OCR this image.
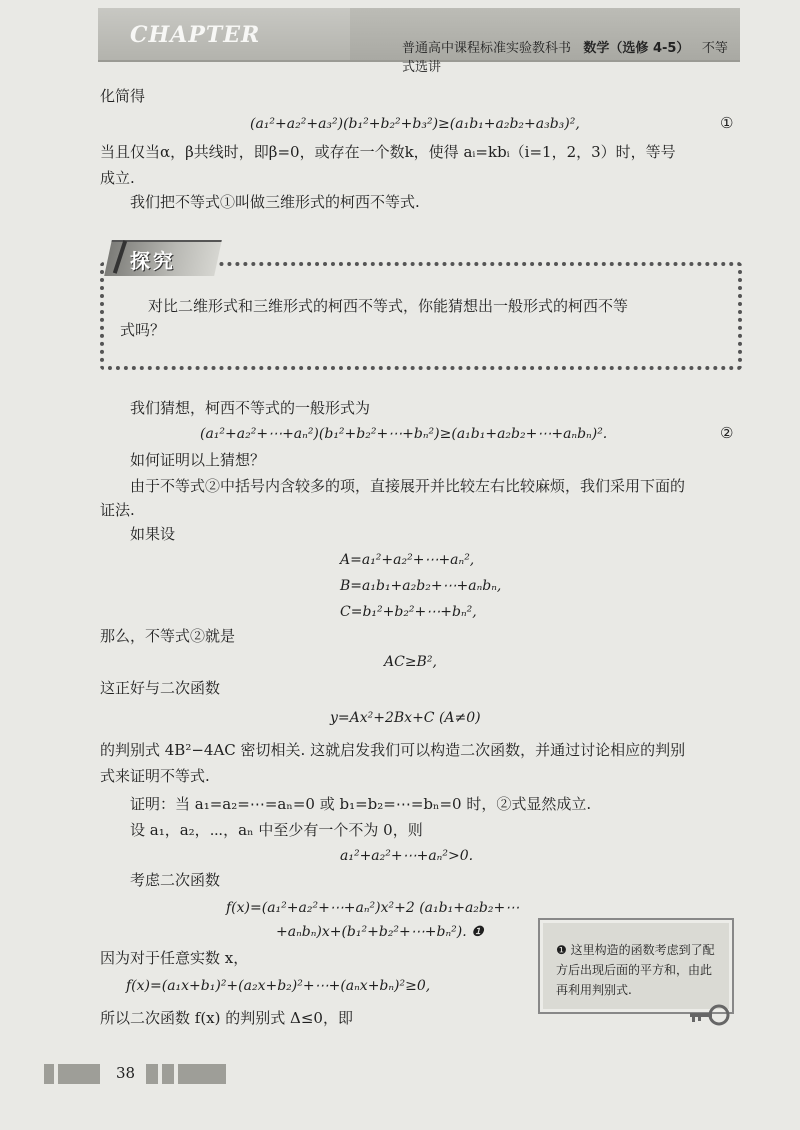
CHAPTER
普通高中课程标准实验教科书 数学（选修 4-5） 不等式选讲
化简得
(a₁²+a₂²+a₃²)(b₁²+b₂²+b₃²)≥(a₁b₁+a₂b₂+a₃b₃)²,	①
当且仅当α，β共线时，即β=0，或存在一个数k，使得 aᵢ=kbᵢ（i=1，2，3）时，等号
成立.
我们把不等式①叫做三维形式的柯西不等式.
探究
对比二维形式和三维形式的柯西不等式，你能猜想出一般形式的柯西不等
式吗？
我们猜想，柯西不等式的一般形式为
(a₁²+a₂²+⋯+aₙ²)(b₁²+b₂²+⋯+bₙ²)≥(a₁b₁+a₂b₂+⋯+aₙbₙ)².	②
如何证明以上猜想？
由于不等式②中括号内含较多的项，直接展开并比较左右比较麻烦，我们采用下面的
证法.
如果设
A=a₁²+a₂²+⋯+aₙ²,
B=a₁b₁+a₂b₂+⋯+aₙbₙ,
C=b₁²+b₂²+⋯+bₙ²,
那么，不等式②就是
AC≥B²,
这正好与二次函数
y=Ax²+2Bx+C (A≠0)
的判别式 4B²−4AC 密切相关. 这就启发我们可以构造二次函数，并通过讨论相应的判别
式来证明不等式.
证明：当 a₁=a₂=⋯=aₙ=0 或 b₁=b₂=⋯=bₙ=0 时，②式显然成立.
设 a₁，a₂，⋯，aₙ 中至少有一个不为 0，则
a₁²+a₂²+⋯+aₙ²>0.
考虑二次函数
f(x)=(a₁²+a₂²+⋯+aₙ²)x²+2 (a₁b₁+a₂b₂+⋯
+aₙbₙ)x+(b₁²+b₂²+⋯+bₙ²). ❶
因为对于任意实数 x，
f(x)=(a₁x+b₁)²+(a₂x+b₂)²+⋯+(aₙx+bₙ)²≥0,
所以二次函数 f(x) 的判别式 Δ≤0，即
❶ 这里构造的函数考虑到了配方后出现后面的平方和，由此再利用判别式.
38
